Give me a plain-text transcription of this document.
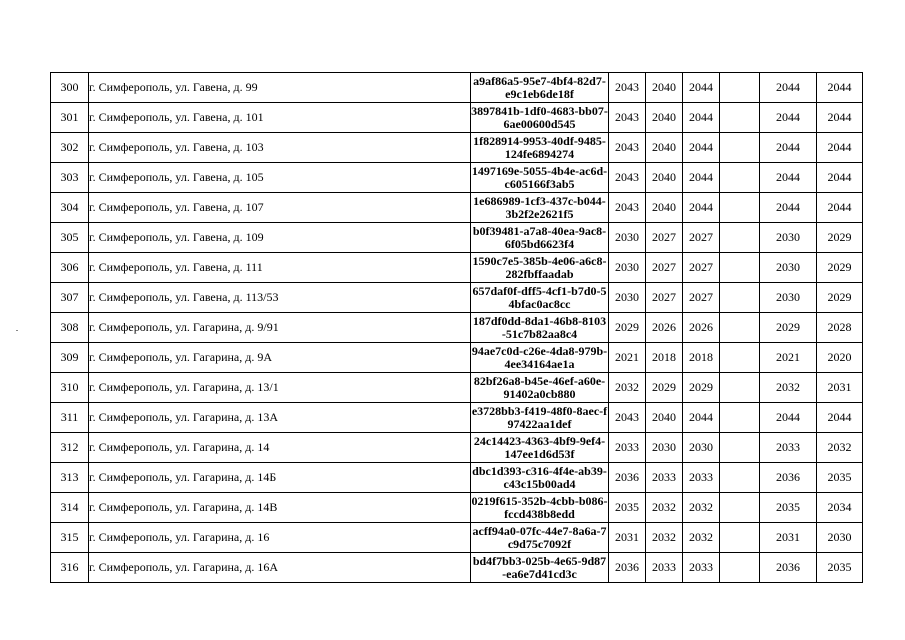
300	г. Симферополь, ул. Гавена, д. 99	a9af86a5-95e7-4bf4-82d7-e9c1eb6de18f	2043	2040	2044		2044	2044
301	г. Симферополь, ул. Гавена, д. 101	3897841b-1df0-4683-bb07-6ae00600d545	2043	2040	2044		2044	2044
302	г. Симферополь, ул. Гавена, д. 103	1f828914-9953-40df-9485-124fe6894274	2043	2040	2044		2044	2044
303	г. Симферополь, ул. Гавена, д. 105	1497169e-5055-4b4e-ac6d-c605166f3ab5	2043	2040	2044		2044	2044
304	г. Симферополь, ул. Гавена, д. 107	1e686989-1cf3-437c-b044-3b2f2e2621f5	2043	2040	2044		2044	2044
305	г. Симферополь, ул. Гавена, д. 109	b0f39481-a7a8-40ea-9ac8-6f05bd6623f4	2030	2027	2027		2030	2029
306	г. Симферополь, ул. Гавена, д. 111	1590c7e5-385b-4e06-a6c8-282fbffaadab	2030	2027	2027		2030	2029
307	г. Симферополь, ул. Гавена, д. 113/53	657daf0f-dff5-4cf1-b7d0-54bfac0ac8cc	2030	2027	2027		2030	2029
308	г. Симферополь, ул. Гагарина, д. 9/91	187df0dd-8da1-46b8-8103-51c7b82aa8c4	2029	2026	2026		2029	2028
309	г. Симферополь, ул. Гагарина, д. 9А	94ae7c0d-c26e-4da8-979b-4ee34164ae1a	2021	2018	2018		2021	2020
310	г. Симферополь, ул. Гагарина, д. 13/1	82bf26a8-b45e-46ef-a60e-91402a0cb880	2032	2029	2029		2032	2031
311	г. Симферополь, ул. Гагарина, д. 13А	e3728bb3-f419-48f0-8aec-f97422aa1def	2043	2040	2044		2044	2044
312	г. Симферополь, ул. Гагарина, д. 14	24c14423-4363-4bf9-9ef4-147ee1d6d53f	2033	2030	2030		2033	2032
313	г. Симферополь, ул. Гагарина, д. 14Б	dbc1d393-c316-4f4e-ab39-c43c15b00ad4	2036	2033	2033		2036	2035
314	г. Симферополь, ул. Гагарина, д. 14В	0219f615-352b-4cbb-b086-fccd438b8edd	2035	2032	2032		2035	2034
315	г. Симферополь, ул. Гагарина, д. 16	acff94a0-07fc-44e7-8a6a-7c9d75c7092f	2031	2032	2032		2031	2030
316	г. Симферополь, ул. Гагарина, д. 16А	bd4f7bb3-025b-4e65-9d87-ea6e7d41cd3c	2036	2033	2033		2036	2035
